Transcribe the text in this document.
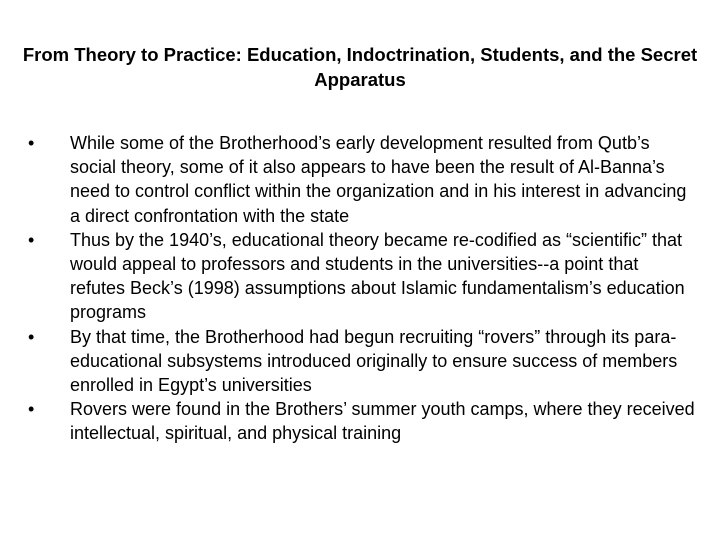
From Theory to Practice: Education, Indoctrination, Students, and the Secret Apparatus
•	While some of the Brotherhood’s early development resulted from Qutb’s social theory, some of it also appears to have been the result of Al-Banna’s need to control conflict within the organization and in his interest in advancing a direct confrontation with the state
•	Thus by the 1940’s, educational theory became re-codified as “scientific” that would appeal to professors and students in the universities--a point that refutes Beck’s (1998) assumptions about Islamic fundamentalism’s education programs
•	By that time, the Brotherhood had begun recruiting “rovers” through its para-educational subsystems introduced originally to ensure success of members enrolled in Egypt’s universities
•	Rovers were found in the Brothers’ summer youth camps, where they received intellectual, spiritual, and physical training
